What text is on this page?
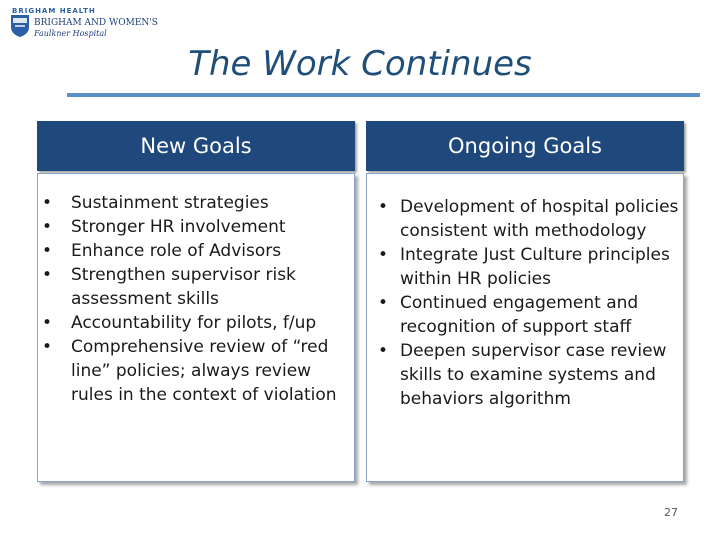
BRIGHAM HEALTH
BRIGHAM AND WOMEN'S
Faulkner Hospital
The Work Continues
New Goals
• Sustainment strategies
• Stronger HR involvement
• Enhance role of Advisors
• Strengthen supervisor risk assessment skills
• Accountability for pilots, f/up
• Comprehensive review of “red line” policies; always review rules in the context of violation
Ongoing Goals
• Development of hospital policies consistent with methodology
• Integrate Just Culture principles within HR policies
• Continued engagement and recognition of support staff
• Deepen supervisor case review skills to examine systems and behaviors algorithm
27
